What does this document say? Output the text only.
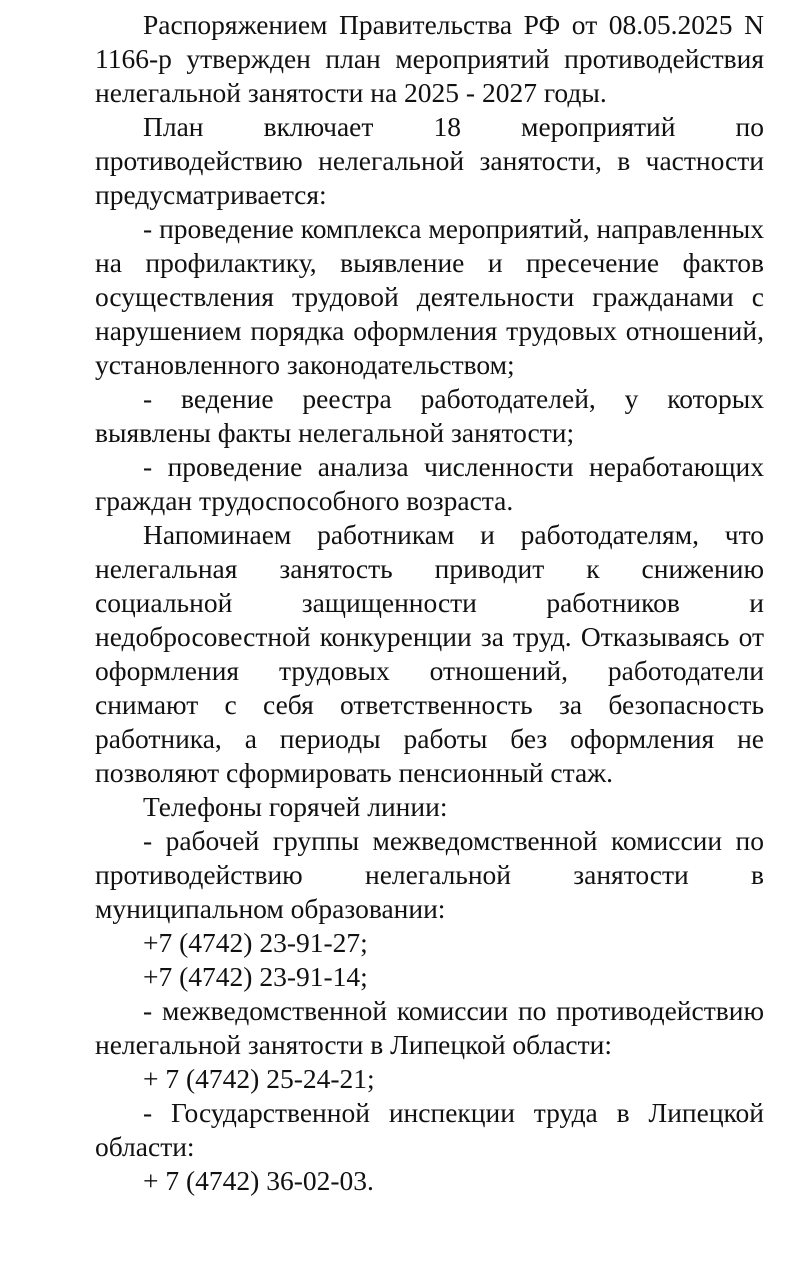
Распоряжением Правительства РФ от 08.05.2025 N 1166-р утвержден план мероприятий противодействия нелегальной занятости на 2025 - 2027 годы.

План включает 18 мероприятий по противодействию нелегальной занятости, в частности предусматривается:

- проведение комплекса мероприятий, направленных на профилактику, выявление и пресечение фактов осуществления трудовой деятельности гражданами с нарушением порядка оформления трудовых отношений, установленного законодательством;

- ведение реестра работодателей, у которых выявлены факты нелегальной занятости;

- проведение анализа численности неработающих граждан трудоспособного возраста.

Напоминаем работникам и работодателям, что нелегальная занятость приводит к снижению социальной защищенности работников и недобросовестной конкуренции за труд. Отказываясь от оформления трудовых отношений, работодатели снимают с себя ответственность за безопасность работника, а периоды работы без оформления не позволяют сформировать пенсионный стаж.

Телефоны горячей линии:

- рабочей группы межведомственной комиссии по противодействию нелегальной занятости в муниципальном образовании:

+7 (4742) 23-91-27;

+7 (4742) 23-91-14;

- межведомственной комиссии по противодействию нелегальной занятости в Липецкой области:

+ 7 (4742) 25-24-21;

- Государственной инспекции труда в Липецкой области:

+ 7 (4742) 36-02-03.
